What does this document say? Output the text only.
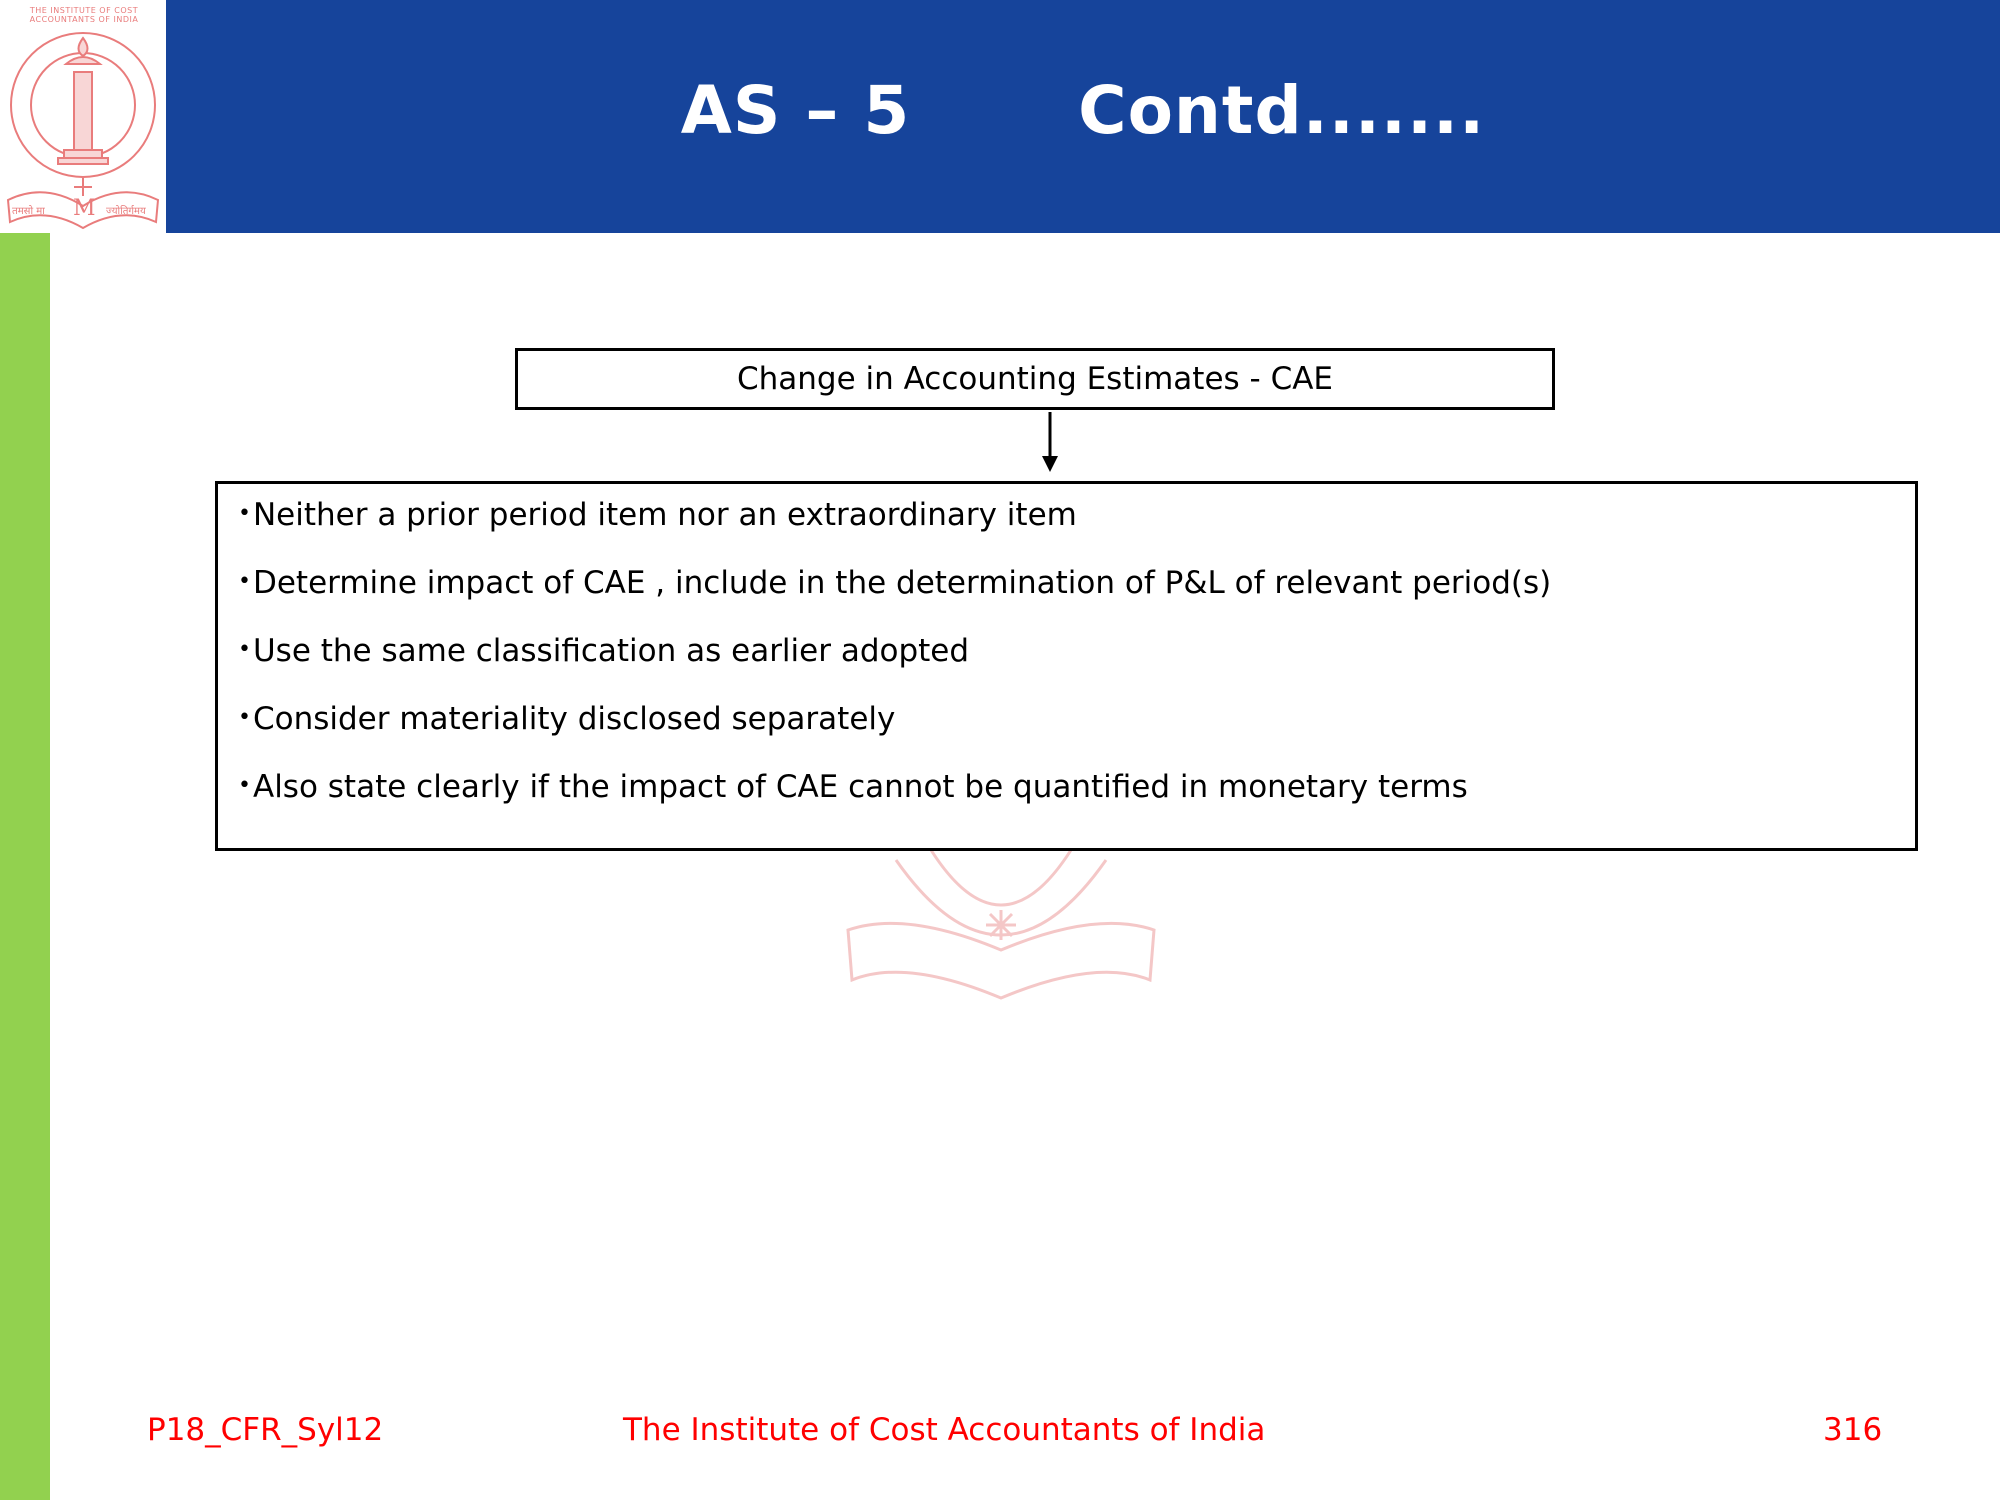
AS – 5       Contd.......
THE INSTITUTE OF COST ACCOUNTANTS OF INDIA
तमसो मा M ज्योतिर्गमय
Change in Accounting Estimates - CAE
•Neither a prior period item nor an extraordinary item
•Determine impact of CAE , include in the determination of P&L of relevant period(s)
•Use the same classification as earlier adopted
•Consider materiality disclosed separately
•Also state clearly if the impact of CAE cannot be quantified in monetary terms
P18_CFR_Syl12	The Institute of Cost Accountants of India	316
